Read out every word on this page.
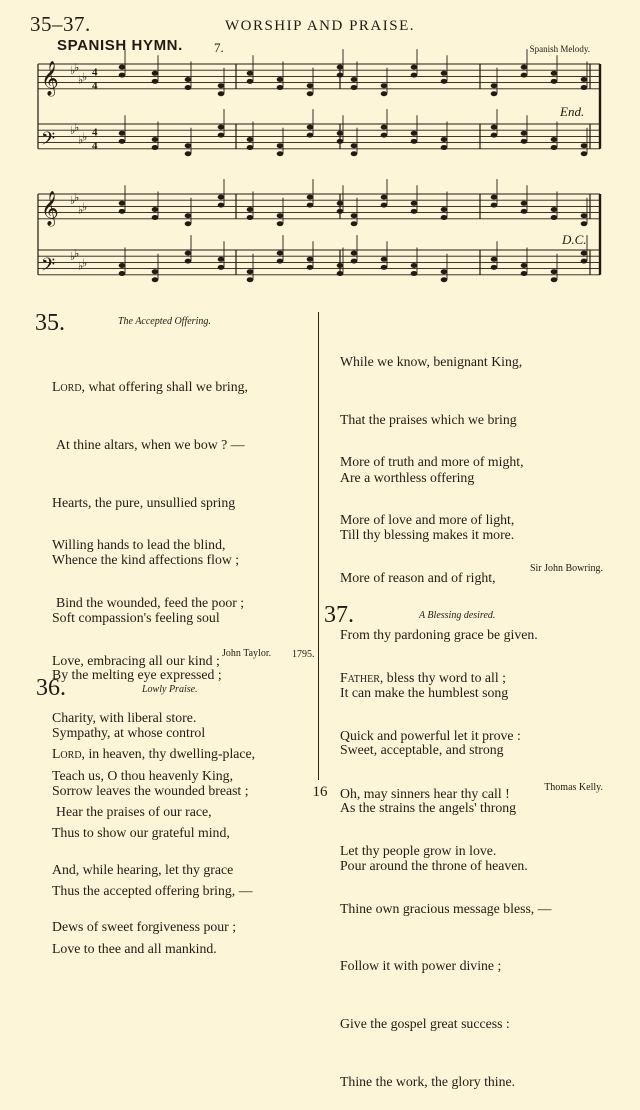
35–37.	WORSHIP AND PRAISE.
SPANISH HYMN. 7.	Spanish Melody.
𝄞 ♭
♭
♭
♭ 4
4
𝄢 ♭
♭
♭
♭ 4
4
𝄞 ♭
♭
♭
♭
𝄢 ♭
♭
♭
♭
End.
D.C.
35.	The Accepted Offering.

Lord, what offering shall we bring,

At thine altars, when we bow ? —

Hearts, the pure, unsullied spring

Whence the kind affections flow ;

Soft compassion's feeling soul

By the melting eye expressed ;

Sympathy, at whose control

Sorrow leaves the wounded breast ;

Willing hands to lead the blind,

Bind the wounded, feed the poor ;

Love, embracing all our kind ;

Charity, with liberal store.

Teach us, O thou heavenly King,

Thus to show our grateful mind,

Thus the accepted offering bring, —

Love to thee and all mankind.

John Taylor. 1795.
36.	Lowly Praise.

Lord, in heaven, thy dwelling-place,

Hear the praises of our race,

And, while hearing, let thy grace

Dews of sweet forgiveness pour ;

While we know, benignant King,

That the praises which we bring

Are a worthless offering

Till thy blessing makes it more.

More of truth and more of might,

More of love and more of light,

More of reason and of right,

From thy pardoning grace be given.

It can make the humblest song

Sweet, acceptable, and strong

As the strains the angels' throng

Pour around the throne of heaven.

Sir John Bowring.
37.	A Blessing desired.

Father, bless thy word to all ;

Quick and powerful let it prove :

Oh, may sinners hear thy call !

Let thy people grow in love.

Thine own gracious message bless, —

Follow it with power divine ;

Give the gospel great success :

Thine the work, the glory thine.

Thomas Kelly.
16
